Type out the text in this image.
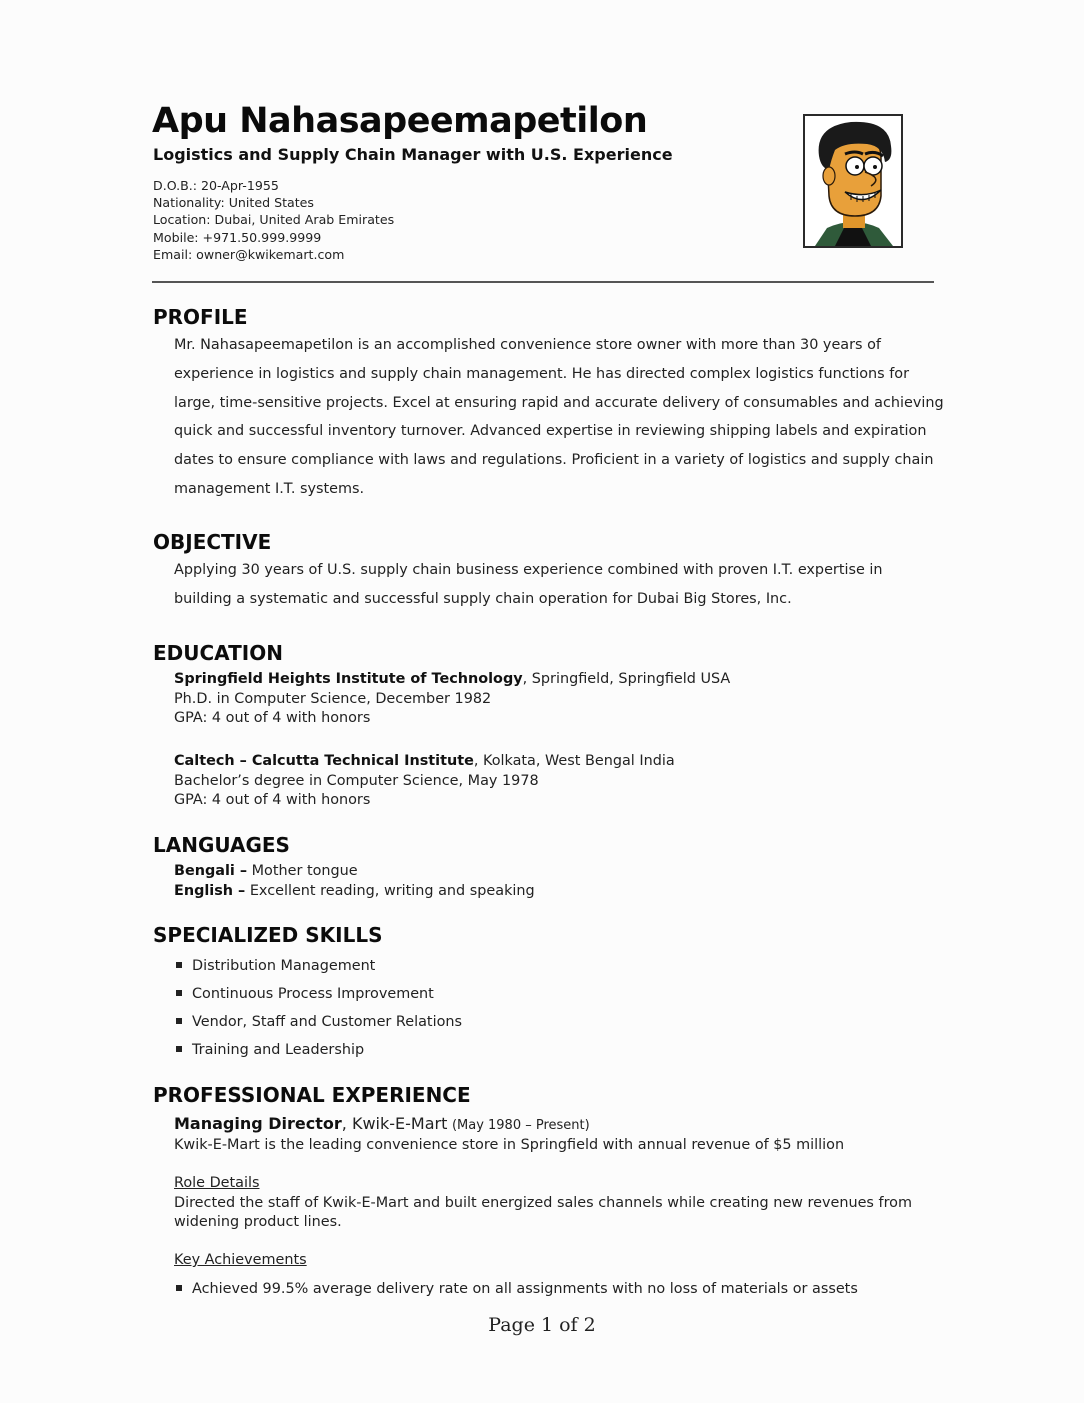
Apu Nahasapeemapetilon
Logistics and Supply Chain Manager with U.S. Experience
D.O.B.: 20-Apr-1955
Nationality: United States
Location: Dubai, United Arab Emirates
Mobile: +971.50.999.9999
Email: owner@kwikemart.com
PROFILE
Mr. Nahasapeemapetilon is an accomplished convenience store owner with more than 30 years of experience in logistics and supply chain management. He has directed complex logistics functions for large, time-sensitive projects. Excel at ensuring rapid and accurate delivery of consumables and achieving quick and successful inventory turnover. Advanced expertise in reviewing shipping labels and expiration dates to ensure compliance with laws and regulations. Proficient in a variety of logistics and supply chain management I.T. systems.
OBJECTIVE
Applying 30 years of U.S. supply chain business experience combined with proven I.T. expertise in building a systematic and successful supply chain operation for Dubai Big Stores, Inc.
EDUCATION
Springfield Heights Institute of Technology, Springfield, Springfield USA
Ph.D. in Computer Science, December 1982
GPA: 4 out of 4 with honors
Caltech – Calcutta Technical Institute, Kolkata, West Bengal India
Bachelor’s degree in Computer Science, May 1978
GPA: 4 out of 4 with honors
LANGUAGES
Bengali – Mother tongue
English – Excellent reading, writing and speaking
SPECIALIZED SKILLS
Distribution Management
Continuous Process Improvement
Vendor, Staff and Customer Relations
Training and Leadership
PROFESSIONAL EXPERIENCE
Managing Director, Kwik-E-Mart (May 1980 – Present)
Kwik-E-Mart is the leading convenience store in Springfield with annual revenue of $5 million
Role Details
Directed the staff of Kwik-E-Mart and built energized sales channels while creating new revenues from
widening product lines.
Key Achievements
Achieved 99.5% average delivery rate on all assignments with no loss of materials or assets
Page 1 of 2
